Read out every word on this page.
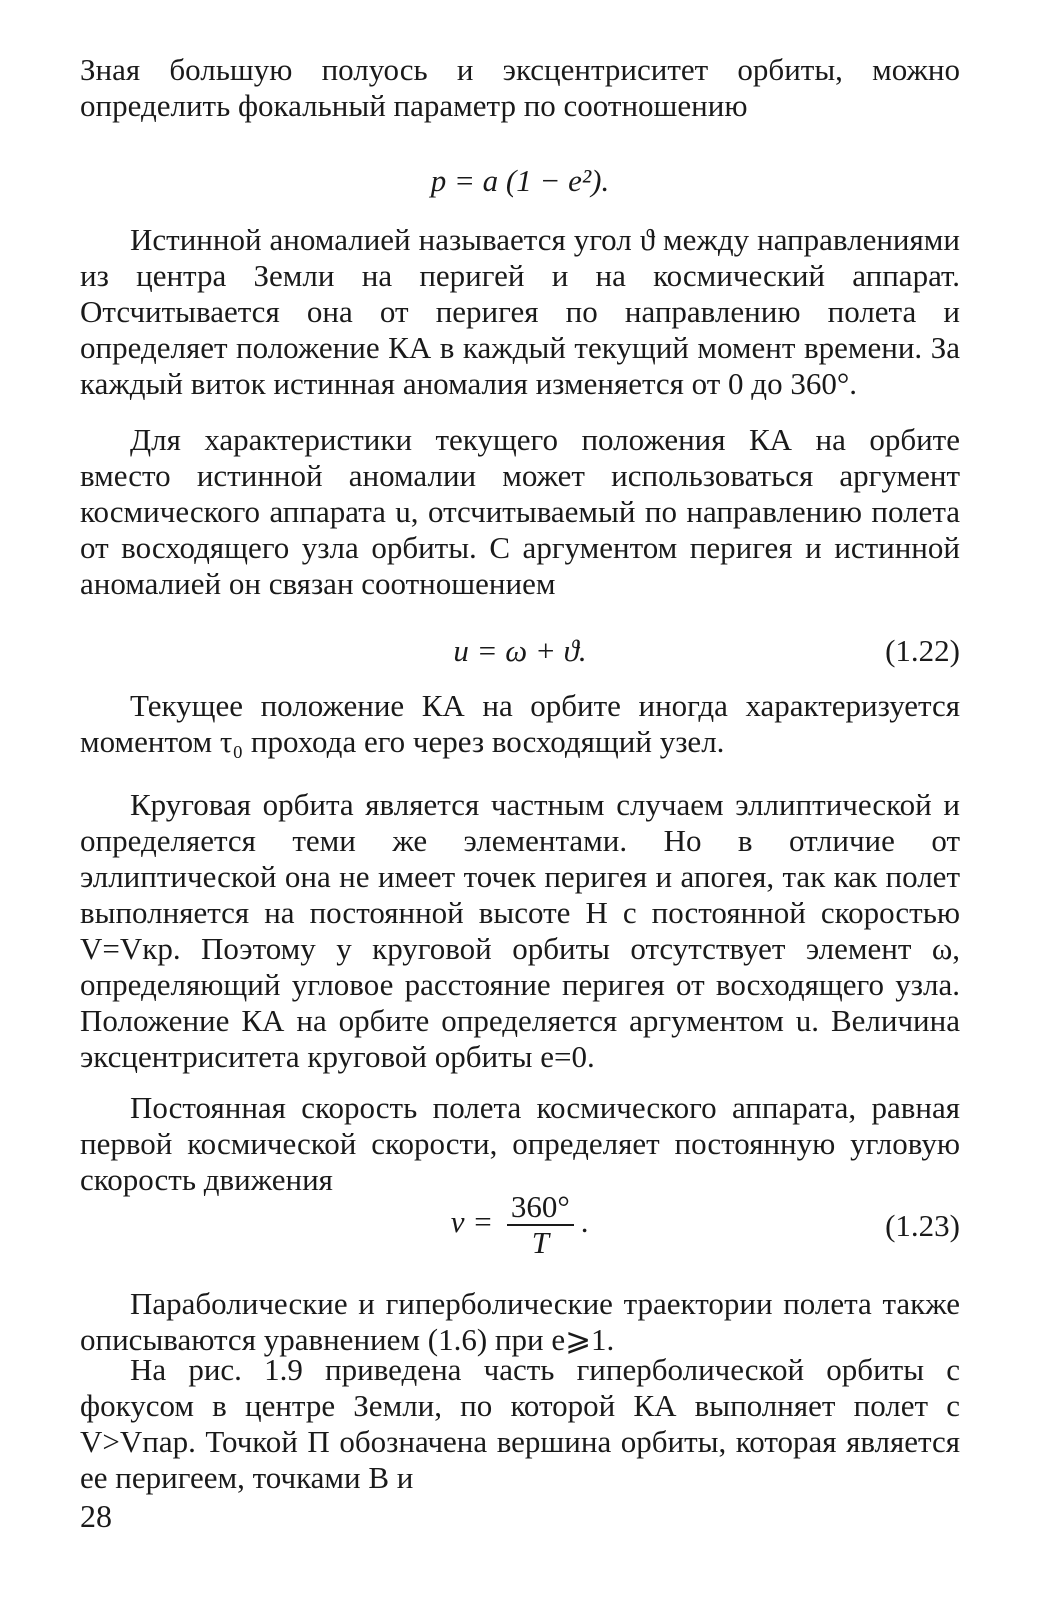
Зная большую полуось и эксцентриситет орбиты, можно определить фокальный параметр по соотношению

p = a (1 − e²).

Истинной аномалией называется угол ϑ между направлениями из центра Земли на перигей и на космический аппарат. Отсчитывается она от перигея по направлению полета и определяет положение КА в каждый текущий момент времени. За каждый виток истинная аномалия изменяется от 0 до 360°.

Для характеристики текущего положения КА на орбите вместо истинной аномалии может использоваться аргумент космического аппарата u, отсчитываемый по направлению полета от восходящего узла орбиты. С аргументом перигея и истинной аномалией он связан соотношением

u = ω + ϑ.	(1.22)

Текущее положение КА на орбите иногда характеризуется моментом τ₀ прохода его через восходящий узел.

Круговая орбита является частным случаем эллиптической и определяется теми же элементами. Но в отличие от эллиптической она не имеет точек перигея и апогея, так как полет выполняется на постоянной высоте H с постоянной скоростью V=Vкр. Поэтому у круговой орбиты отсутствует элемент ω, определяющий угловое расстояние перигея от восходящего узла. Положение КА на орбите определяется аргументом u. Величина эксцентриситета круговой орбиты e=0.

Постоянная скорость полета космического аппарата, равная первой космической скорости, определяет постоянную угловую скорость движения

$\nu = \frac{360^\circ}{T}$ .	(1.23)

Параболические и гиперболические траектории полета также описываются уравнением (1.6) при e⩾1.

На рис. 1.9 приведена часть гиперболической орбиты с фокусом в центре Земли, по которой КА выполняет полет с V>Vпар. Точкой П обозначена вершина орбиты, которая является ее перигеем, точками В и

28
